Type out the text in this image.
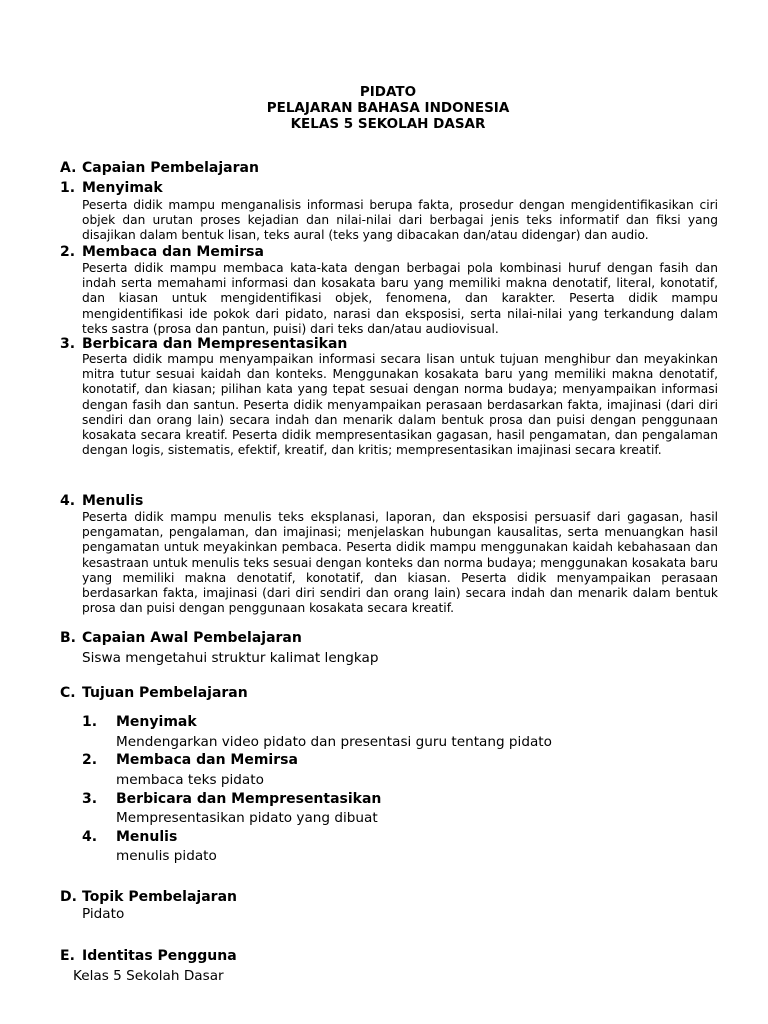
PIDATO
PELAJARAN BAHASA INDONESIA
KELAS 5 SEKOLAH DASAR
A. Capaian Pembelajaran
1. Menyimak

Peserta didik mampu menganalisis informasi berupa fakta, prosedur dengan mengidentifikasikan ciri objek dan urutan proses kejadian dan nilai-nilai dari berbagai jenis teks informatif dan fiksi yang disajikan dalam bentuk lisan, teks aural (teks yang dibacakan dan/atau didengar) dan audio.

2. Membaca dan Memirsa

Peserta didik mampu membaca kata-kata dengan berbagai pola kombinasi huruf dengan fasih dan indah serta memahami informasi dan kosakata baru yang memiliki makna denotatif, literal, konotatif, dan kiasan untuk mengidentifikasi objek, fenomena, dan karakter. Peserta didik mampu mengidentifikasi ide pokok dari pidato, narasi dan eksposisi, serta nilai-nilai yang terkandung dalam teks sastra (prosa dan pantun, puisi) dari teks dan/atau audiovisual.

3. Berbicara dan Mempresentasikan

Peserta didik mampu menyampaikan informasi secara lisan untuk tujuan menghibur dan meyakinkan mitra tutur sesuai kaidah dan konteks. Menggunakan kosakata baru yang memiliki makna denotatif, konotatif, dan kiasan; pilihan kata yang tepat sesuai dengan norma budaya; menyampaikan informasi dengan fasih dan santun. Peserta didik menyampaikan perasaan berdasarkan fakta, imajinasi (dari diri sendiri dan orang lain) secara indah dan menarik dalam bentuk prosa dan puisi dengan penggunaan kosakata secara kreatif. Peserta didik mempresentasikan gagasan, hasil pengamatan, dan pengalaman dengan logis, sistematis, efektif, kreatif, dan kritis; mempresentasikan imajinasi secara kreatif.

4. Menulis

Peserta didik mampu menulis teks eksplanasi, laporan, dan eksposisi persuasif dari gagasan, hasil pengamatan, pengalaman, dan imajinasi; menjelaskan hubungan kausalitas, serta menuangkan hasil pengamatan untuk meyakinkan pembaca. Peserta didik mampu menggunakan kaidah kebahasaan dan kesastraan untuk menulis teks sesuai dengan konteks dan norma budaya; menggunakan kosakata baru yang memiliki makna denotatif, konotatif, dan kiasan. Peserta didik menyampaikan perasaan berdasarkan fakta, imajinasi (dari diri sendiri dan orang lain) secara indah dan menarik dalam bentuk prosa dan puisi dengan penggunaan kosakata secara kreatif.

B. Capaian Awal Pembelajaran
Siswa mengetahui struktur kalimat lengkap
C. Tujuan Pembelajaran
1. Menyimak
Mendengarkan video pidato dan presentasi guru tentang pidato
2. Membaca dan Memirsa
membaca teks pidato
3. Berbicara dan Mempresentasikan
Mempresentasikan pidato yang dibuat
4. Menulis
menulis pidato
D. Topik Pembelajaran
Pidato
E. Identitas Pengguna
Kelas 5 Sekolah Dasar
